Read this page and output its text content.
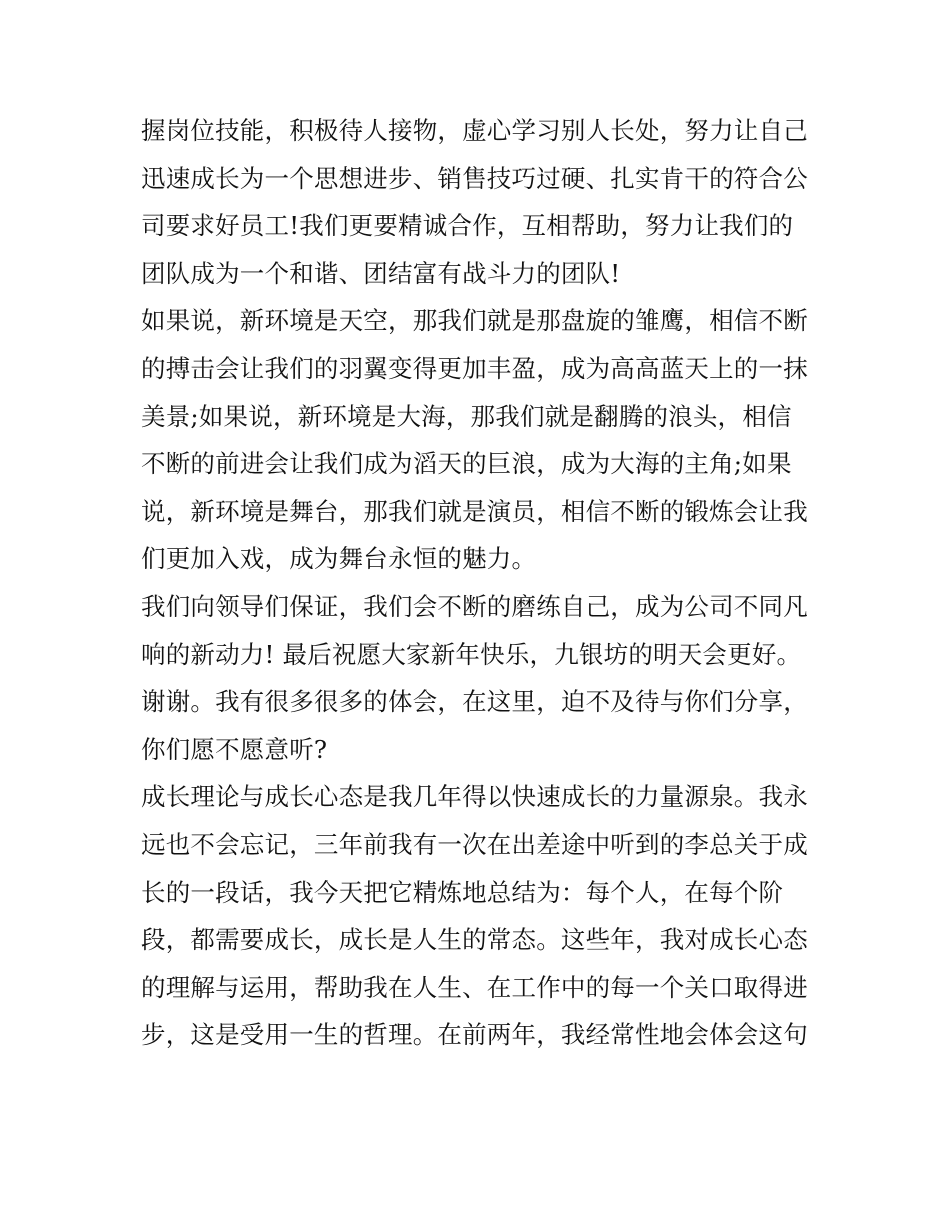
握岗位技能，积极待人接物，虚心学习别人长处，努力让自己
迅速成长为一个思想进步、销售技巧过硬、扎实肯干的符合公
司要求好员工!我们更要精诚合作，互相帮助，努力让我们的
团队成为一个和谐、团结富有战斗力的团队!
如果说，新环境是天空，那我们就是那盘旋的雏鹰，相信不断
的搏击会让我们的羽翼变得更加丰盈，成为高高蓝天上的一抹
美景;如果说，新环境是大海，那我们就是翻腾的浪头，相信
不断的前进会让我们成为滔天的巨浪，成为大海的主角;如果
说，新环境是舞台，那我们就是演员，相信不断的锻炼会让我
们更加入戏，成为舞台永恒的魅力。
我们向领导们保证，我们会不断的磨练自己，成为公司不同凡
响的新动力! 最后祝愿大家新年快乐，九银坊的明天会更好。
谢谢。我有很多很多的体会，在这里，迫不及待与你们分享，
你们愿不愿意听?
成长理论与成长心态是我几年得以快速成长的力量源泉。我永
远也不会忘记，三年前我有一次在出差途中听到的李总关于成
长的一段话，我今天把它精炼地总结为：每个人，在每个阶
段，都需要成长，成长是人生的常态。这些年，我对成长心态
的理解与运用，帮助我在人生、在工作中的每一个关口取得进
步，这是受用一生的哲理。在前两年，我经常性地会体会这句
